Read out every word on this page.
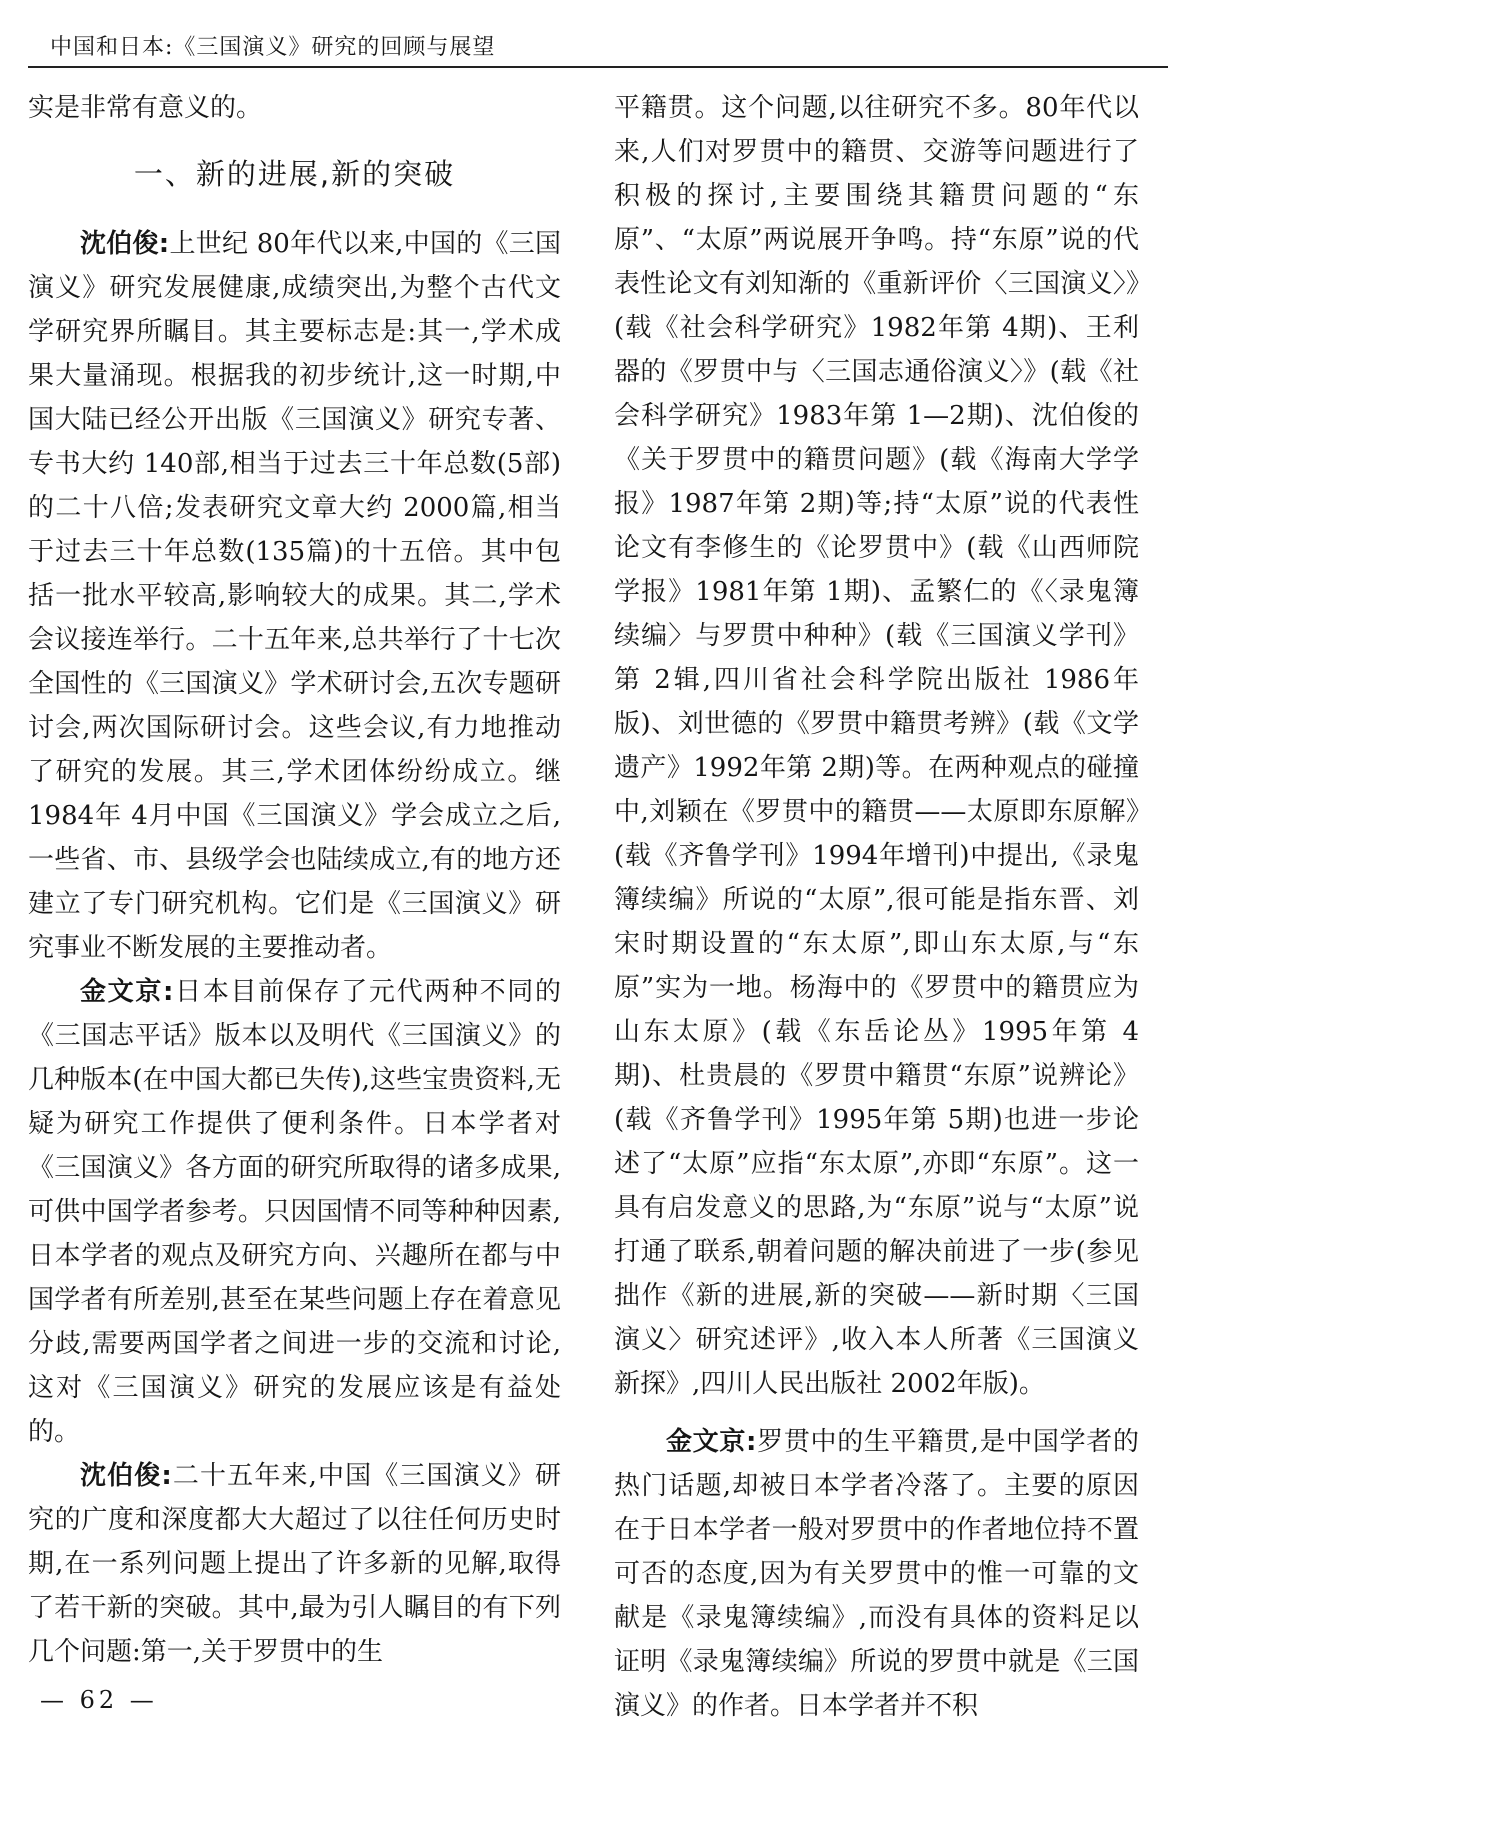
中国和日本:《三国演义》研究的回顾与展望

实是非常有意义的。

一、新的进展,新的突破

沈伯俊:上世纪 80年代以来,中国的《三国演义》研究发展健康,成绩突出,为整个古代文学研究界所瞩目。其主要标志是:其一,学术成果大量涌现。根据我的初步统计,这一时期,中国大陆已经公开出版《三国演义》研究专著、专书大约 140部,相当于过去三十年总数(5部)的二十八倍;发表研究文章大约 2000篇,相当于过去三十年总数(135篇)的十五倍。其中包括一批水平较高,影响较大的成果。其二,学术会议接连举行。二十五年来,总共举行了十七次全国性的《三国演义》学术研讨会,五次专题研讨会,两次国际研讨会。这些会议,有力地推动了研究的发展。其三,学术团体纷纷成立。继 1984年 4月中国《三国演义》学会成立之后,一些省、市、县级学会也陆续成立,有的地方还建立了专门研究机构。它们是《三国演义》研究事业不断发展的主要推动者。

金文京:日本目前保存了元代两种不同的《三国志平话》版本以及明代《三国演义》的几种版本(在中国大都已失传),这些宝贵资料,无疑为研究工作提供了便利条件。日本学者对《三国演义》各方面的研究所取得的诸多成果,可供中国学者参考。只因国情不同等种种因素,日本学者的观点及研究方向、兴趣所在都与中国学者有所差别,甚至在某些问题上存在着意见分歧,需要两国学者之间进一步的交流和讨论,这对《三国演义》研究的发展应该是有益处的。

沈伯俊:二十五年来,中国《三国演义》研究的广度和深度都大大超过了以往任何历史时期,在一系列问题上提出了许多新的见解,取得了若干新的突破。其中,最为引人瞩目的有下列几个问题:第一,关于罗贯中的生

平籍贯。这个问题,以往研究不多。80年代以来,人们对罗贯中的籍贯、交游等问题进行了积极的探讨,主要围绕其籍贯问题的“东原”、“太原”两说展开争鸣。持“东原”说的代表性论文有刘知渐的《重新评价〈三国演义〉》(载《社会科学研究》1982年第 4期)、王利器的《罗贯中与〈三国志通俗演义〉》(载《社会科学研究》1983年第 1—2期)、沈伯俊的《关于罗贯中的籍贯问题》(载《海南大学学报》1987年第 2期)等;持“太原”说的代表性论文有李修生的《论罗贯中》(载《山西师院学报》1981年第 1期)、孟繁仁的《〈录鬼簿续编〉与罗贯中种种》(载《三国演义学刊》第 2辑,四川省社会科学院出版社 1986年版)、刘世德的《罗贯中籍贯考辨》(载《文学遗产》1992年第 2期)等。在两种观点的碰撞中,刘颖在《罗贯中的籍贯——太原即东原解》(载《齐鲁学刊》1994年增刊)中提出,《录鬼簿续编》所说的“太原”,很可能是指东晋、刘宋时期设置的“东太原”,即山东太原,与“东原”实为一地。杨海中的《罗贯中的籍贯应为山东太原》(载《东岳论丛》1995年第 4期)、杜贵晨的《罗贯中籍贯“东原”说辨论》(载《齐鲁学刊》1995年第 5期)也进一步论述了“太原”应指“东太原”,亦即“东原”。这一具有启发意义的思路,为“东原”说与“太原”说打通了联系,朝着问题的解决前进了一步(参见拙作《新的进展,新的突破——新时期〈三国演义〉研究述评》,收入本人所著《三国演义新探》,四川人民出版社 2002年版)。

金文京:罗贯中的生平籍贯,是中国学者的热门话题,却被日本学者冷落了。主要的原因在于日本学者一般对罗贯中的作者地位持不置可否的态度,因为有关罗贯中的惟一可靠的文献是《录鬼簿续编》,而没有具体的资料足以证明《录鬼簿续编》所说的罗贯中就是《三国演义》的作者。日本学者并不积

— 62 —
